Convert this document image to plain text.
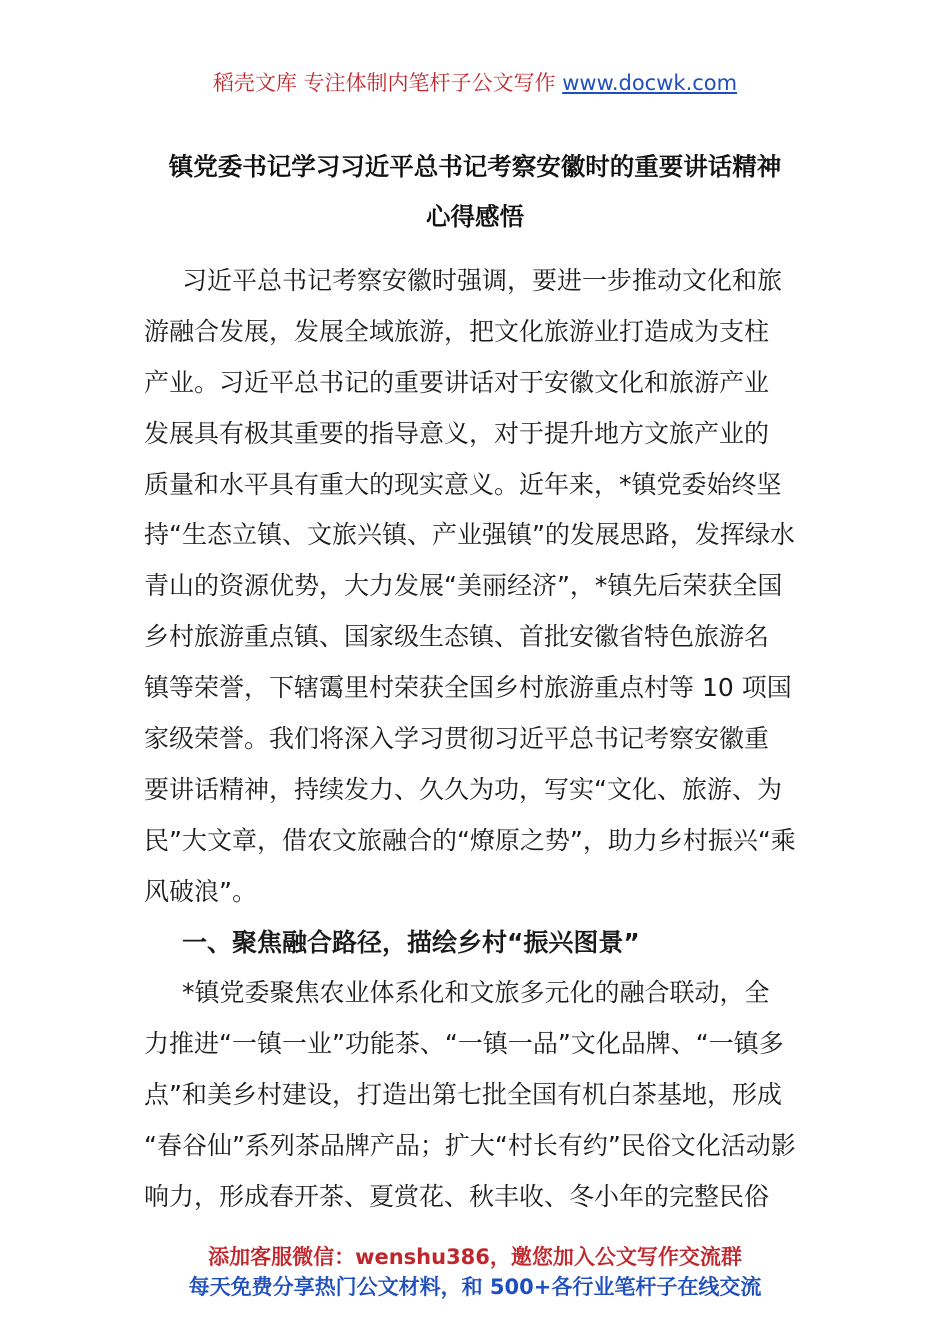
稻壳文库 专注体制内笔杆子公文写作 www.docwk.com
镇党委书记学习习近平总书记考察安徽时的重要讲话精神
心得感悟
习近平总书记考察安徽时强调，要进一步推动文化和旅
游融合发展，发展全域旅游，把文化旅游业打造成为支柱
产业。习近平总书记的重要讲话对于安徽文化和旅游产业
发展具有极其重要的指导意义，对于提升地方文旅产业的
质量和水平具有重大的现实意义。近年来，*镇党委始终坚
持“生态立镇、文旅兴镇、产业强镇”的发展思路，发挥绿水
青山的资源优势，大力发展“美丽经济”，*镇先后荣获全国
乡村旅游重点镇、国家级生态镇、首批安徽省特色旅游名
镇等荣誉，下辖霭里村荣获全国乡村旅游重点村等 10 项国
家级荣誉。我们将深入学习贯彻习近平总书记考察安徽重
要讲话精神，持续发力、久久为功，写实“文化、旅游、为
民”大文章，借农文旅融合的“燎原之势”，助力乡村振兴“乘
风破浪”。
一、聚焦融合路径，描绘乡村“振兴图景”
*镇党委聚焦农业体系化和文旅多元化的融合联动，全
力推进“一镇一业”功能茶、“一镇一品”文化品牌、“一镇多
点”和美乡村建设，打造出第七批全国有机白茶基地，形成
“春谷仙”系列茶品牌产品；扩大“村长有约”民俗文化活动影
响力，形成春开茶、夏赏花、秋丰收、冬小年的完整民俗
添加客服微信：wenshu386，邀您加入公文写作交流群
每天免费分享热门公文材料，和 500+各行业笔杆子在线交流
